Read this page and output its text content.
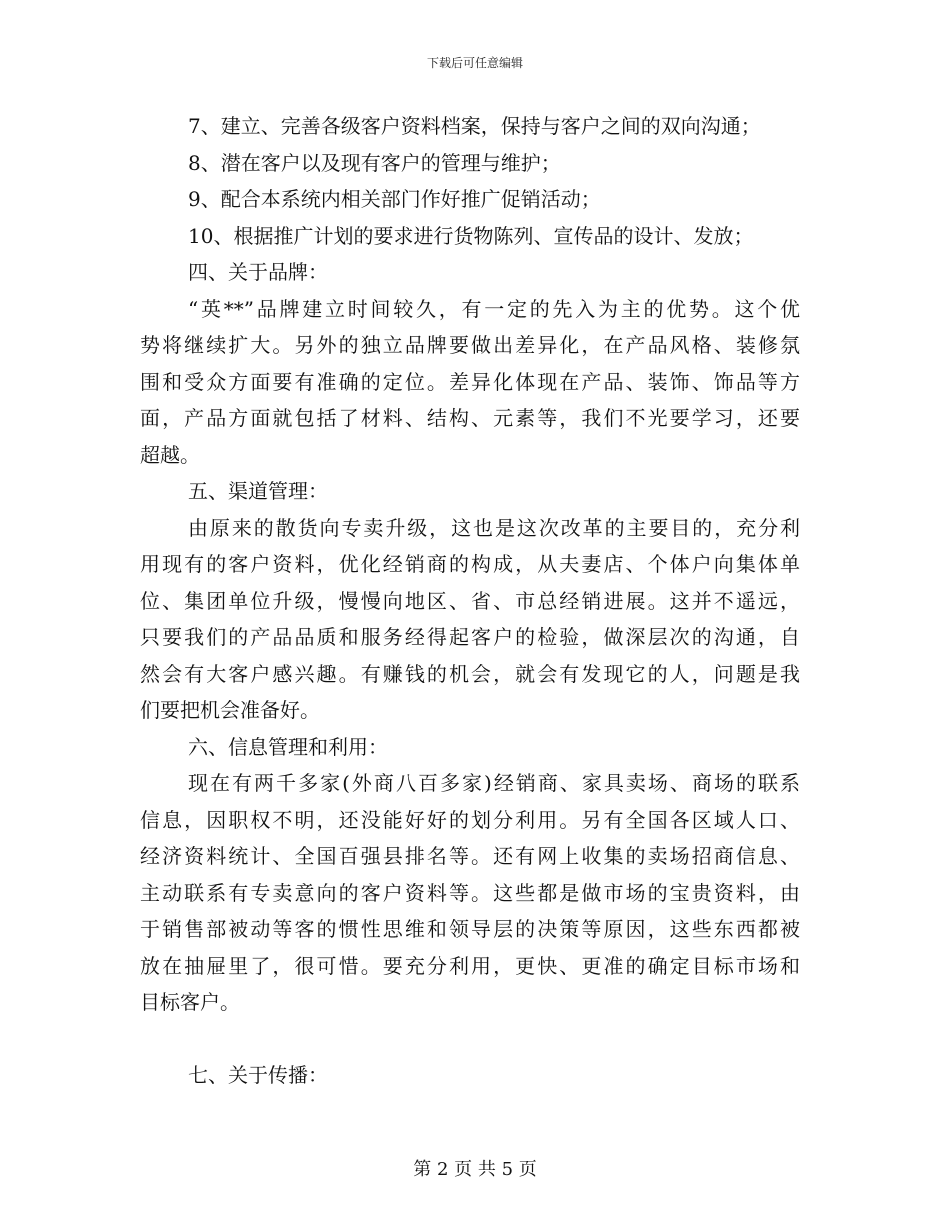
下载后可任意编辑
7、建立、完善各级客户资料档案，保持与客户之间的双向沟通；
8、潜在客户以及现有客户的管理与维护；
9、配合本系统内相关部门作好推广促销活动；
10、根据推广计划的要求进行货物陈列、宣传品的设计、发放；
四、关于品牌：
“英**”品牌建立时间较久，有一定的先入为主的优势。这个优
势将继续扩大。另外的独立品牌要做出差异化，在产品风格、装修氛
围和受众方面要有准确的定位。差异化体现在产品、装饰、饰品等方
面，产品方面就包括了材料、结构、元素等，我们不光要学习，还要
超越。
五、渠道管理：
由原来的散货向专卖升级，这也是这次改革的主要目的，充分利
用现有的客户资料，优化经销商的构成，从夫妻店、个体户向集体单
位、集团单位升级，慢慢向地区、省、市总经销进展。这并不遥远，
只要我们的产品品质和服务经得起客户的检验，做深层次的沟通，自
然会有大客户感兴趣。有赚钱的机会，就会有发现它的人，问题是我
们要把机会准备好。
六、信息管理和利用：
现在有两千多家(外商八百多家)经销商、家具卖场、商场的联系
信息，因职权不明，还没能好好的划分利用。另有全国各区域人口、
经济资料统计、全国百强县排名等。还有网上收集的卖场招商信息、
主动联系有专卖意向的客户资料等。这些都是做市场的宝贵资料，由
于销售部被动等客的惯性思维和领导层的决策等原因，这些东西都被
放在抽屉里了，很可惜。要充分利用，更快、更准的确定目标市场和
目标客户。
七、关于传播：
第 2 页 共 5 页
